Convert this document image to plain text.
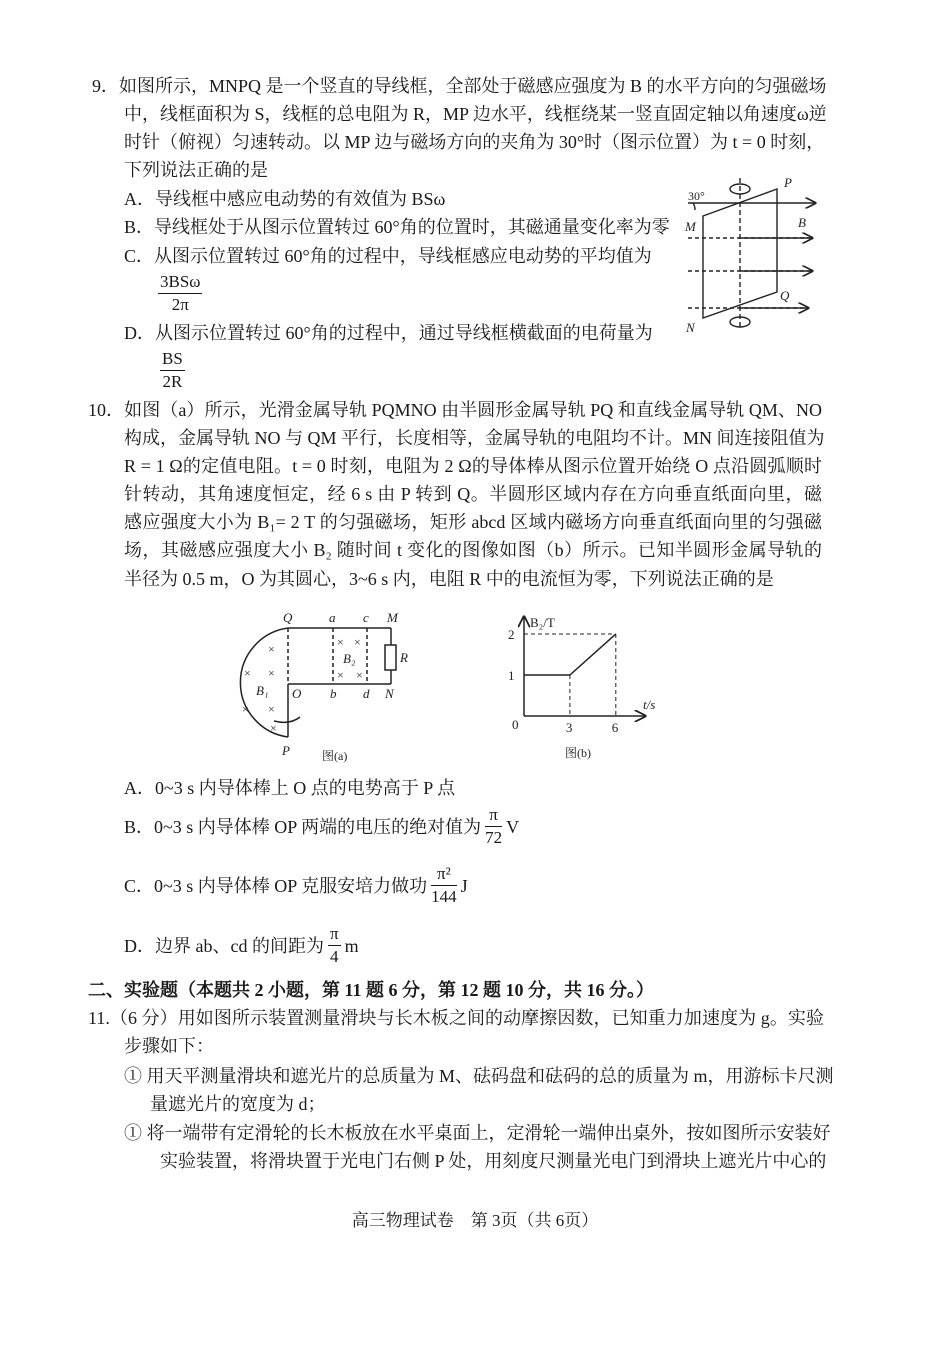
9．如图所示，MNPQ 是一个竖直的导线框，全部处于磁感应强度为 B 的水平方向的匀强磁场
中，线框面积为 S，线框的总电阻为 R，MP 边水平，线框绕某一竖直固定轴以角速度ω逆
时针（俯视）匀速转动。以 MP 边与磁场方向的夹角为 30°时（图示位置）为 t = 0 时刻，
下列说法正确的是
A．导线框中感应电动势的有效值为 BSω
B．导线框处于从图示位置转过 60°角的位置时，其磁通量变化率为零
C．从图示位置转过 60°角的过程中，导线框感应电动势的平均值为
3BSω
2π
D．从图示位置转过 60°角的过程中，通过导线框横截面的电荷量为
$\frac{BS}{2R}$
P
M	B
Q
N
30°
10．如图（a）所示，光滑金属导轨 PQMNO 由半圆形金属导轨 PQ 和直线金属导轨 QM、NO
构成，金属导轨 NO 与 QM 平行，长度相等，金属导轨的电阻均不计。MN 间连接阻值为
R = 1 Ω的定值电阻。t = 0 时刻，电阻为 2 Ω的导体棒从图示位置开始绕 O 点沿圆弧顺时
针转动，其角速度恒定，经 6 s 由 P 转到 Q。半圆形区域内存在方向垂直纸面向里，磁
感应强度大小为 B₁= 2 T 的匀强磁场，矩形 abcd 区域内磁场方向垂直纸面向里的匀强磁
场，其磁感应强度大小 B₂ 随时间 t 变化的图像如图（b）所示。已知半圆形金属导轨的
半径为 0.5 m，O 为其圆心，3~6 s 内，电阻 R 中的电流恒为零，下列说法正确的是
Q	a c M
R
B₁
B₂
O b d N
P	图(a)
×
× ×
× ×
×
× ×
× ×
3	6
1
2
B₂/T
t/s
0
图(b)
A．0~3 s 内导体棒上 O 点的电势高于 P 点
B．0~3 s 内导体棒 OP 两端的电压的绝对值为 $\frac{\pi}{72}$ V
C．0~3 s 内导体棒 OP 克服安培力做功 $\frac{\text{π²}}{144}$ J
D．边界 ab、cd 的间距为 $\frac{\pi}{4}$ m
二、实验题（本题共 2 小题，第 11 题 6 分，第 12 题 10 分，共 16 分。）
11.（6 分）用如图所示装置测量滑块与长木板之间的动摩擦因数，已知重力加速度为 g。实验
步骤如下：
① 用天平测量滑块和遮光片的总质量为 M、砝码盘和砝码的总的质量为 m，用游标卡尺测
量遮光片的宽度为 d；
① 将一端带有定滑轮的长木板放在水平桌面上，定滑轮一端伸出桌外，按如图所示安装好
实验装置，将滑块置于光电门右侧 P 处，用刻度尺测量光电门到滑块上遮光片中心的
高三物理试卷　第 3页（共 6页）
